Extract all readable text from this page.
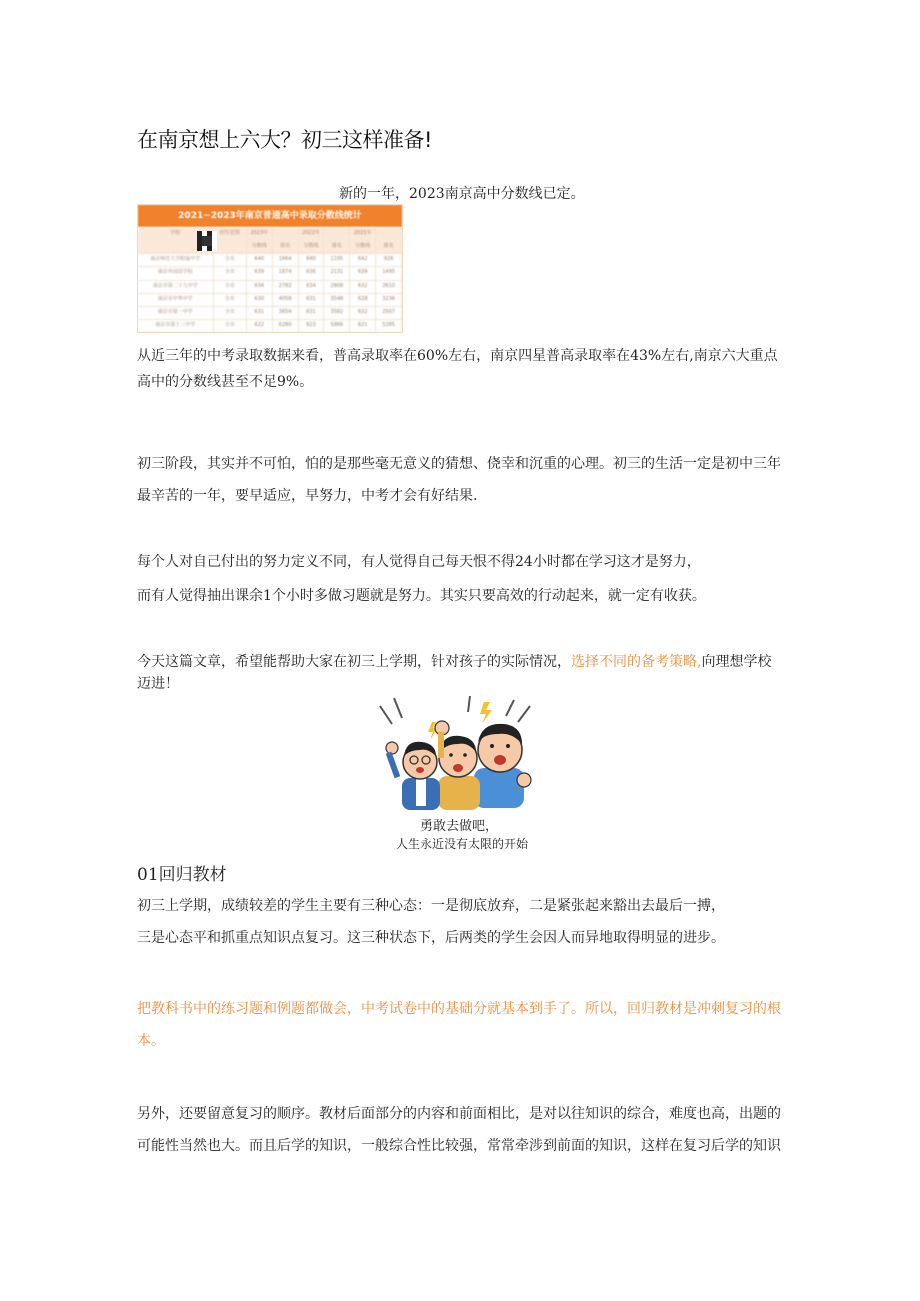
在南京想上六大？初三这样准备!
新的一年，2023南京高中分数线已定。
2021~2023年南京普通高中录取分数线统计
学校	招生范围	2023年	2022年	2021年
分数线	排名	分数线	排名	分数线	排名
南京师范大学附属中学	全市	640	1664	640	1195	642	926
南京外国语学校	全市	639	1874	636	2131	639	1495
南京市第二十九中学	全市	634	2782	634	2808	632	2610
南京市中华中学	全市	630	4058	631	3548	628	3236
南京市第一中学	全市	631	3654	631	3582	632	2507
南京市第十三中学	全市	622	6280	623	5866	621	5285
从近三年的中考录取数据来看，普高录取率在60%左右，南京四星普高录取率在43%左右,南京六大重点
高中的分数线甚至不足9%。
初三阶段，其实并不可怕，怕的是那些毫无意义的猜想、侥幸和沉重的心理。初三的生活一定是初中三年
最辛苦的一年，要早适应，早努力，中考才会有好结果.
每个人对自己付出的努力定义不同，有人觉得自己每天恨不得24小时都在学习这才是努力，
而有人觉得抽出课余1个小时多做习题就是努力。其实只要高效的行动起来，就一定有收获。
今天这篇文章，希望能帮助大家在初三上学期，针对孩子的实际情况，选择不同的备考策略,向理想学校
迈进！
勇敢去做吧，
人生永近没有太限的开始
01回归教材
初三上学期，成绩较差的学生主要有三种心态：一是彻底放弃，二是紧张起来豁出去最后一搏，
三是心态平和抓重点知识点复习。这三种状态下，后两类的学生会因人而异地取得明显的进步。
把教科书中的练习题和例题都做会，中考试卷中的基础分就基本到手了。所以，回归教材是冲刺复习的根
本。
另外，还要留意复习的顺序。教材后面部分的内容和前面相比，是对以往知识的综合，难度也高，出题的
可能性当然也大。而且后学的知识，一般综合性比较强，常常牵涉到前面的知识，这样在复习后学的知识
